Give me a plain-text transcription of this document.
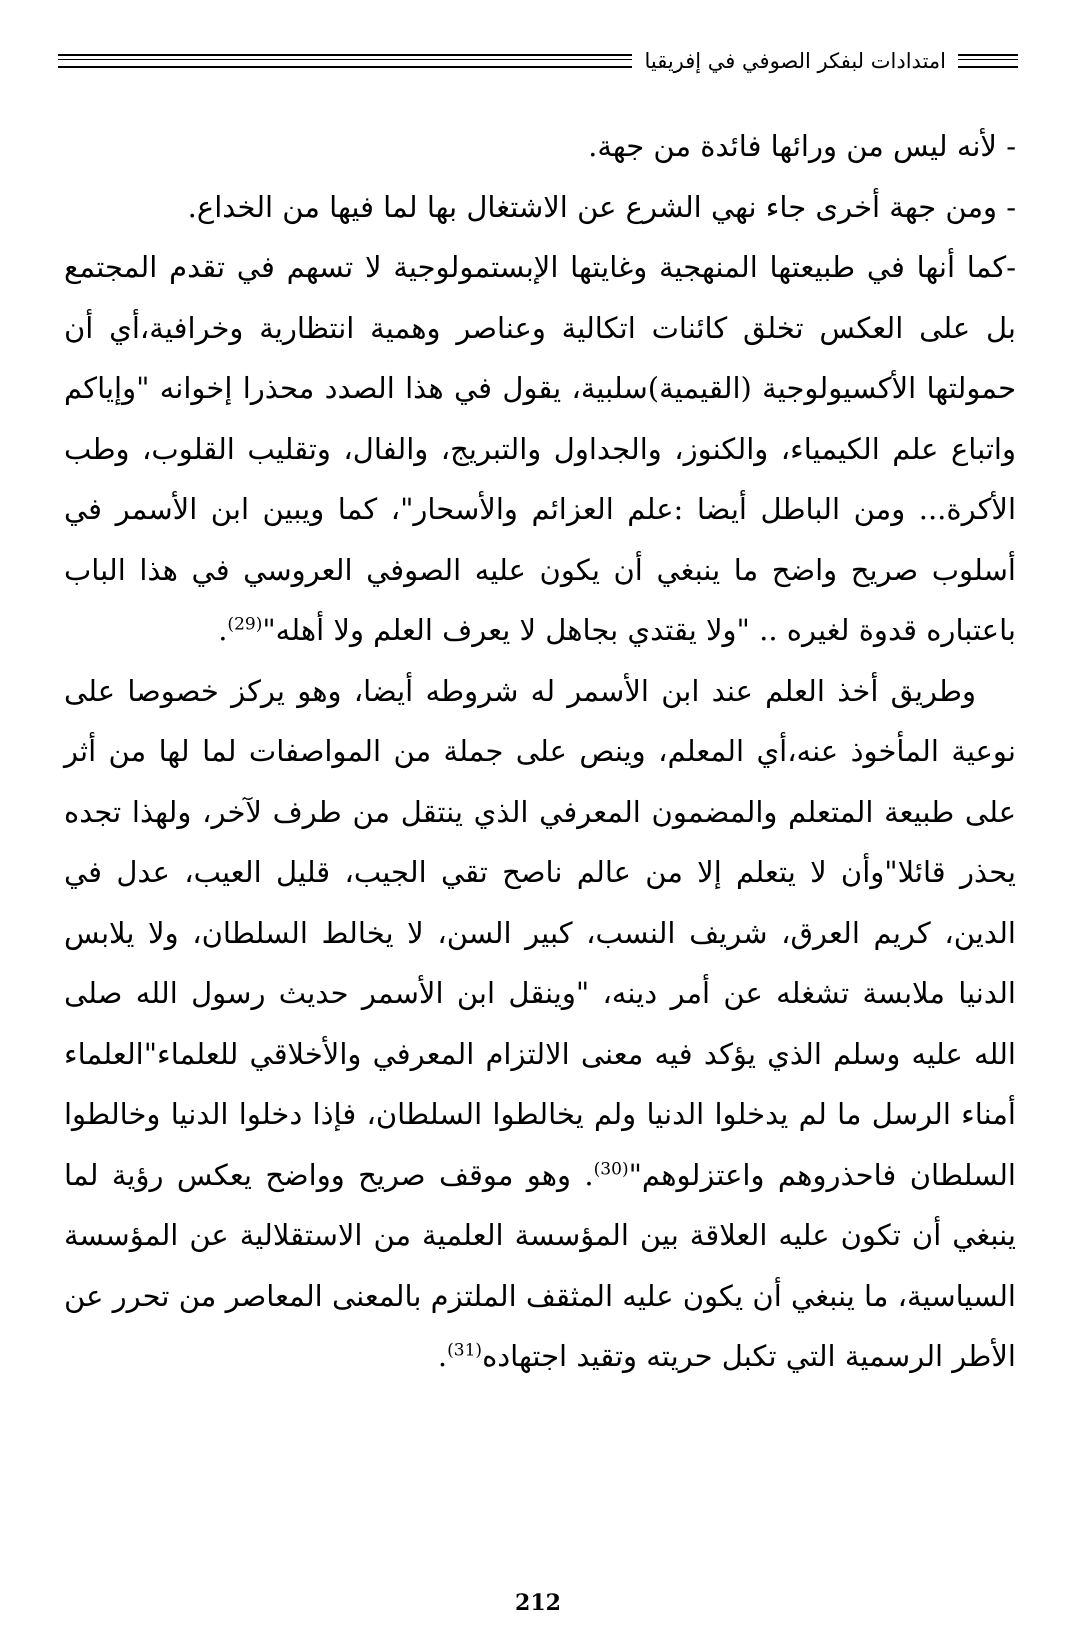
امتدادات لبفكر الصوفي في إفريقيا

- لأنه ليس من ورائها فائدة من جهة.

- ومن جهة أخرى جاء نهي الشرع عن الاشتغال بها لما فيها من الخداع.

-كما أنها في طبيعتها المنهجية وغايتها الإبستمولوجية لا تسهم في تقدم المجتمع بل على العكس تخلق كائنات اتكالية وعناصر وهمية انتظارية وخرافية،أي أن حمولتها الأكسيولوجية (القيمية)سلبية، يقول في هذا الصدد محذرا إخوانه "وإياكم واتباع علم الكيمياء، والكنوز، والجداول والتبريج، والفال، وتقليب القلوب، وطب الأكرة... ومن الباطل أيضا :علم العزائم والأسحار"، كما ويبين ابن الأسمر في أسلوب صريح واضح ما ينبغي أن يكون عليه الصوفي العروسي في هذا الباب باعتباره قدوة لغيره .. "ولا يقتدي بجاهل لا يعرف العلم ولا أهله"$^{(29)}$.

وطريق أخذ العلم عند ابن الأسمر له شروطه أيضا، وهو يركز خصوصا على نوعية المأخوذ عنه،أي المعلم، وينص على جملة من المواصفات لما لها من أثر على طبيعة المتعلم والمضمون المعرفي الذي ينتقل من طرف لآخر، ولهذا تجده يحذر قائلا"وأن لا يتعلم إلا من عالم ناصح تقي الجيب، قليل العيب، عدل في الدين، كريم العرق، شريف النسب، كبير السن، لا يخالط السلطان، ولا يلابس الدنيا ملابسة تشغله عن أمر دينه، "وينقل ابن الأسمر حديث رسول الله صلى الله عليه وسلم الذي يؤكد فيه معنى الالتزام المعرفي والأخلاقي للعلماء"العلماء أمناء الرسل ما لم يدخلوا الدنيا ولم يخالطوا السلطان، فإذا دخلوا الدنيا وخالطوا السلطان فاحذروهم واعتزلوهم"$^{(30)}$. وهو موقف صريح وواضح يعكس رؤية لما ينبغي أن تكون عليه العلاقة بين المؤسسة العلمية من الاستقلالية عن المؤسسة السياسية، ما ينبغي أن يكون عليه المثقف الملتزم بالمعنى المعاصر من تحرر عن الأطر الرسمية التي تكبل حريته وتقيد اجتهاده$^{(31)}$.

212
